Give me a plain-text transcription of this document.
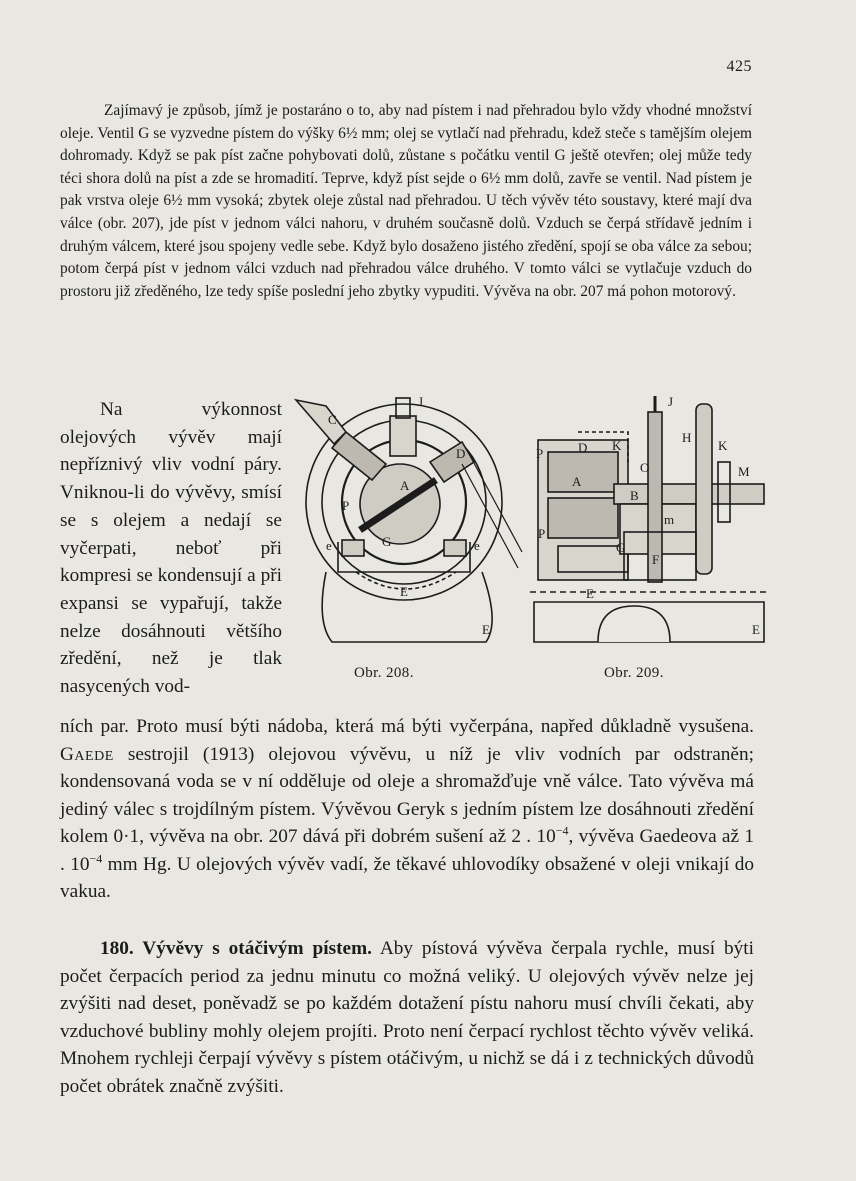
425

Zajímavý je způsob, jímž je postaráno o to, aby nad pístem i nad přehradou bylo vždy vhodné množství oleje. Ventil G se vyzvedne pístem do výšky 6½ mm; olej se vytlačí nad přehradu, kdež steče s tamějším olejem dohromady. Když se pak píst začne pohybovati dolů, zůstane s počátku ventil G ještě otevřen; olej může tedy téci shora dolů na píst a zde se hromadití. Teprve, když píst sejde o 6½ mm dolů, zavře se ventil. Nad pístem je pak vrstva oleje 6½ mm vysoká; zbytek oleje zůstal nad přehradou. U těch vývěv této soustavy, které mají dva válce (obr. 207), jde píst v jednom válci nahoru, v druhém současně dolů. Vzduch se čerpá střídavě jedním i druhým válcem, které jsou spojeny vedle sebe. Když bylo dosaženo jistého zředění, spojí se oba válce za sebou; potom čerpá píst v jednom válci vzduch nad přehradou válce druhého. V tomto válci se vytlačuje vzduch do prostoru již zředěného, lze tedy spíše poslední jeho zbytky vypuditi. Vývěva na obr. 207 má pohon motorový.

Na výkonnost olejových vývěv mají nepříznivý vliv vodní páry. Vniknou-li do vývěvy, smísí se s olejem a nedají se vyčerpati, neboť při kompresi se kondensují a při expansi se vypařují, takže nelze dosáhnouti většího zředění, než je tlak nasycených vod-

C
J
D
A
G
P
e	e
E
E
Obr. 208.
J
H
K	K
D
O
P
A
B
M
G
m
F
P
E
E
Obr. 209.

ních par. Proto musí býti nádoba, která má býti vyčerpána, napřed důkladně vysušena. Gaede sestrojil (1913) olejovou vývěvu, u níž je vliv vodních par odstraněn; kondensovaná voda se v ní odděluje od oleje a shromažďuje vně válce. Tato vývěva má jediný válec s trojdílným pístem. Vývěvou Geryk s jedním pístem lze dosáhnouti zředění kolem 0·1, vývěva na obr. 207 dává při dobrém sušení až 2 . $10^{-4}$, vývěva Gaedeova až 1 . $10^{-4}$ mm Hg. U olejových vývěv vadí, že těkavé uhlovodíky obsažené v oleji vnikají do vakua.

180. Vývěvy s otáčivým pístem. Aby pístová vývěva čerpala rychle, musí býti počet čerpacích period za jednu minutu co možná veliký. U olejových vývěv nelze jej zvýšiti nad deset, poněvadž se po každém dotažení pístu nahoru musí chvíli čekati, aby vzduchové bubliny mohly olejem projíti. Proto není čerpací rychlost těchto vývěv veliká. Mnohem rychleji čerpají vývěvy s pístem otáčivým, u nichž se dá i z technických důvodů počet obrátek značně zvýšiti.
